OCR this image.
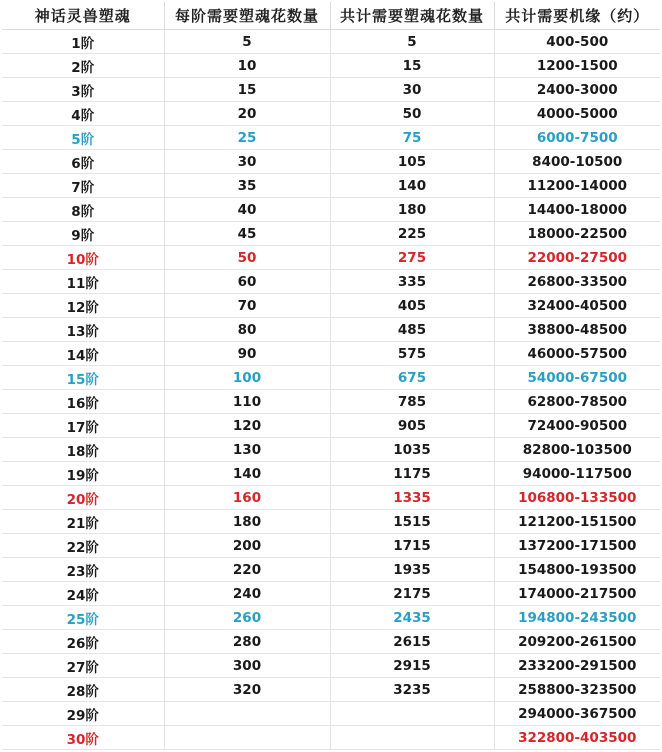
神话灵兽塑魂	每阶需要塑魂花数量	共计需要塑魂花数量	共计需要机缘（约）
1阶	5	5	400-500
2阶	10	15	1200-1500
3阶	15	30	2400-3000
4阶	20	50	4000-5000
5阶	25	75	6000-7500
6阶	30	105	8400-10500
7阶	35	140	11200-14000
8阶	40	180	14400-18000
9阶	45	225	18000-22500
10阶	50	275	22000-27500
11阶	60	335	26800-33500
12阶	70	405	32400-40500
13阶	80	485	38800-48500
14阶	90	575	46000-57500
15阶	100	675	54000-67500
16阶	110	785	62800-78500
17阶	120	905	72400-90500
18阶	130	1035	82800-103500
19阶	140	1175	94000-117500
20阶	160	1335	106800-133500
21阶	180	1515	121200-151500
22阶	200	1715	137200-171500
23阶	220	1935	154800-193500
24阶	240	2175	174000-217500
25阶	260	2435	194800-243500
26阶	280	2615	209200-261500
27阶	300	2915	233200-291500
28阶	320	3235	258800-323500
29阶			294000-367500
30阶			322800-403500
